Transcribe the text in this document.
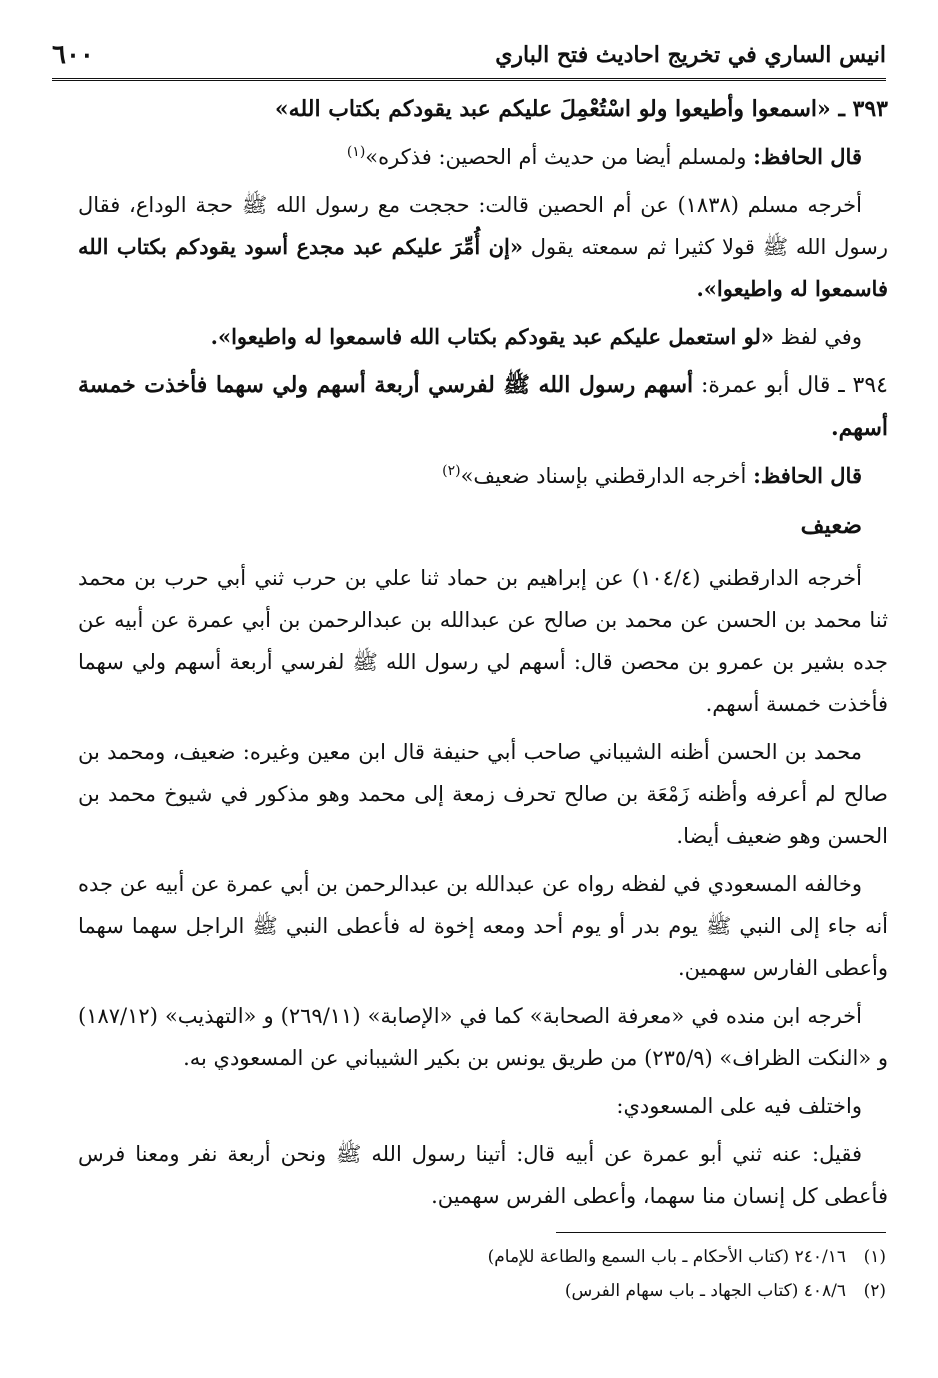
انيس الساري في تخريج احاديث فتح الباري
٦٠٠

٣٩٣ ـ «اسمعوا وأطيعوا ولو اسْتُعْمِلَ عليكم عبد يقودكم بكتاب الله»

قال الحافظ: ولمسلم أيضا من حديث أم الحصين: فذكره»$^{(١)}$

أخرجه مسلم (١٨٣٨) عن أم الحصين قالت: حججت مع رسول الله ﷺ حجة الوداع، فقال رسول الله ﷺ قولا كثيرا ثم سمعته يقول «إن أُمِّرَ عليكم عبد مجدع أسود يقودكم بكتاب الله فاسمعوا له واطيعوا».

وفي لفظ «لو استعمل عليكم عبد يقودكم بكتاب الله فاسمعوا له واطيعوا».

٣٩٤ ـ قال أبو عمرة: أسهم رسول الله ﷺ لفرسي أربعة أسهم ولي سهما فأخذت خمسة أسهم.

قال الحافظ: أخرجه الدارقطني بإسناد ضعيف»$^{(٢)}$

ضعيف

أخرجه الدارقطني (١٠٤/٤) عن إبراهيم بن حماد ثنا علي بن حرب ثني أبي حرب بن محمد ثنا محمد بن الحسن عن محمد بن صالح عن عبدالله بن عبدالرحمن بن أبي عمرة عن أبيه عن جده بشير بن عمرو بن محصن قال: أسهم لي رسول الله ﷺ لفرسي أربعة أسهم ولي سهما فأخذت خمسة أسهم.

محمد بن الحسن أظنه الشيباني صاحب أبي حنيفة قال ابن معين وغيره: ضعيف، ومحمد بن صالح لم أعرفه وأظنه زَمْعَة بن صالح تحرف زمعة إلى محمد وهو مذكور في شيوخ محمد بن الحسن وهو ضعيف أيضا.

وخالفه المسعودي في لفظه رواه عن عبدالله بن عبدالرحمن بن أبي عمرة عن أبيه عن جده أنه جاء إلى النبي ﷺ يوم بدر أو يوم أحد ومعه إخوة له فأعطى النبي ﷺ الراجل سهما سهما وأعطى الفارس سهمين.

أخرجه ابن منده في «معرفة الصحابة» كما في «الإصابة» (٢٦٩/١١) و «التهذيب» (١٨٧/١٢) و «النكت الظراف» (٢٣٥/٩) من طريق يونس بن بكير الشيباني عن المسعودي به.

واختلف فيه على المسعودي:

فقيل: عنه ثني أبو عمرة عن أبيه قال: أتينا رسول الله ﷺ ونحن أربعة نفر ومعنا فرس فأعطى كل إنسان منا سهما، وأعطى الفرس سهمين.

(١)
٢٤٠/١٦ (كتاب الأحكام ـ باب السمع والطاعة للإمام)
(٢)
٤٠٨/٦ (كتاب الجهاد ـ باب سهام الفرس)
